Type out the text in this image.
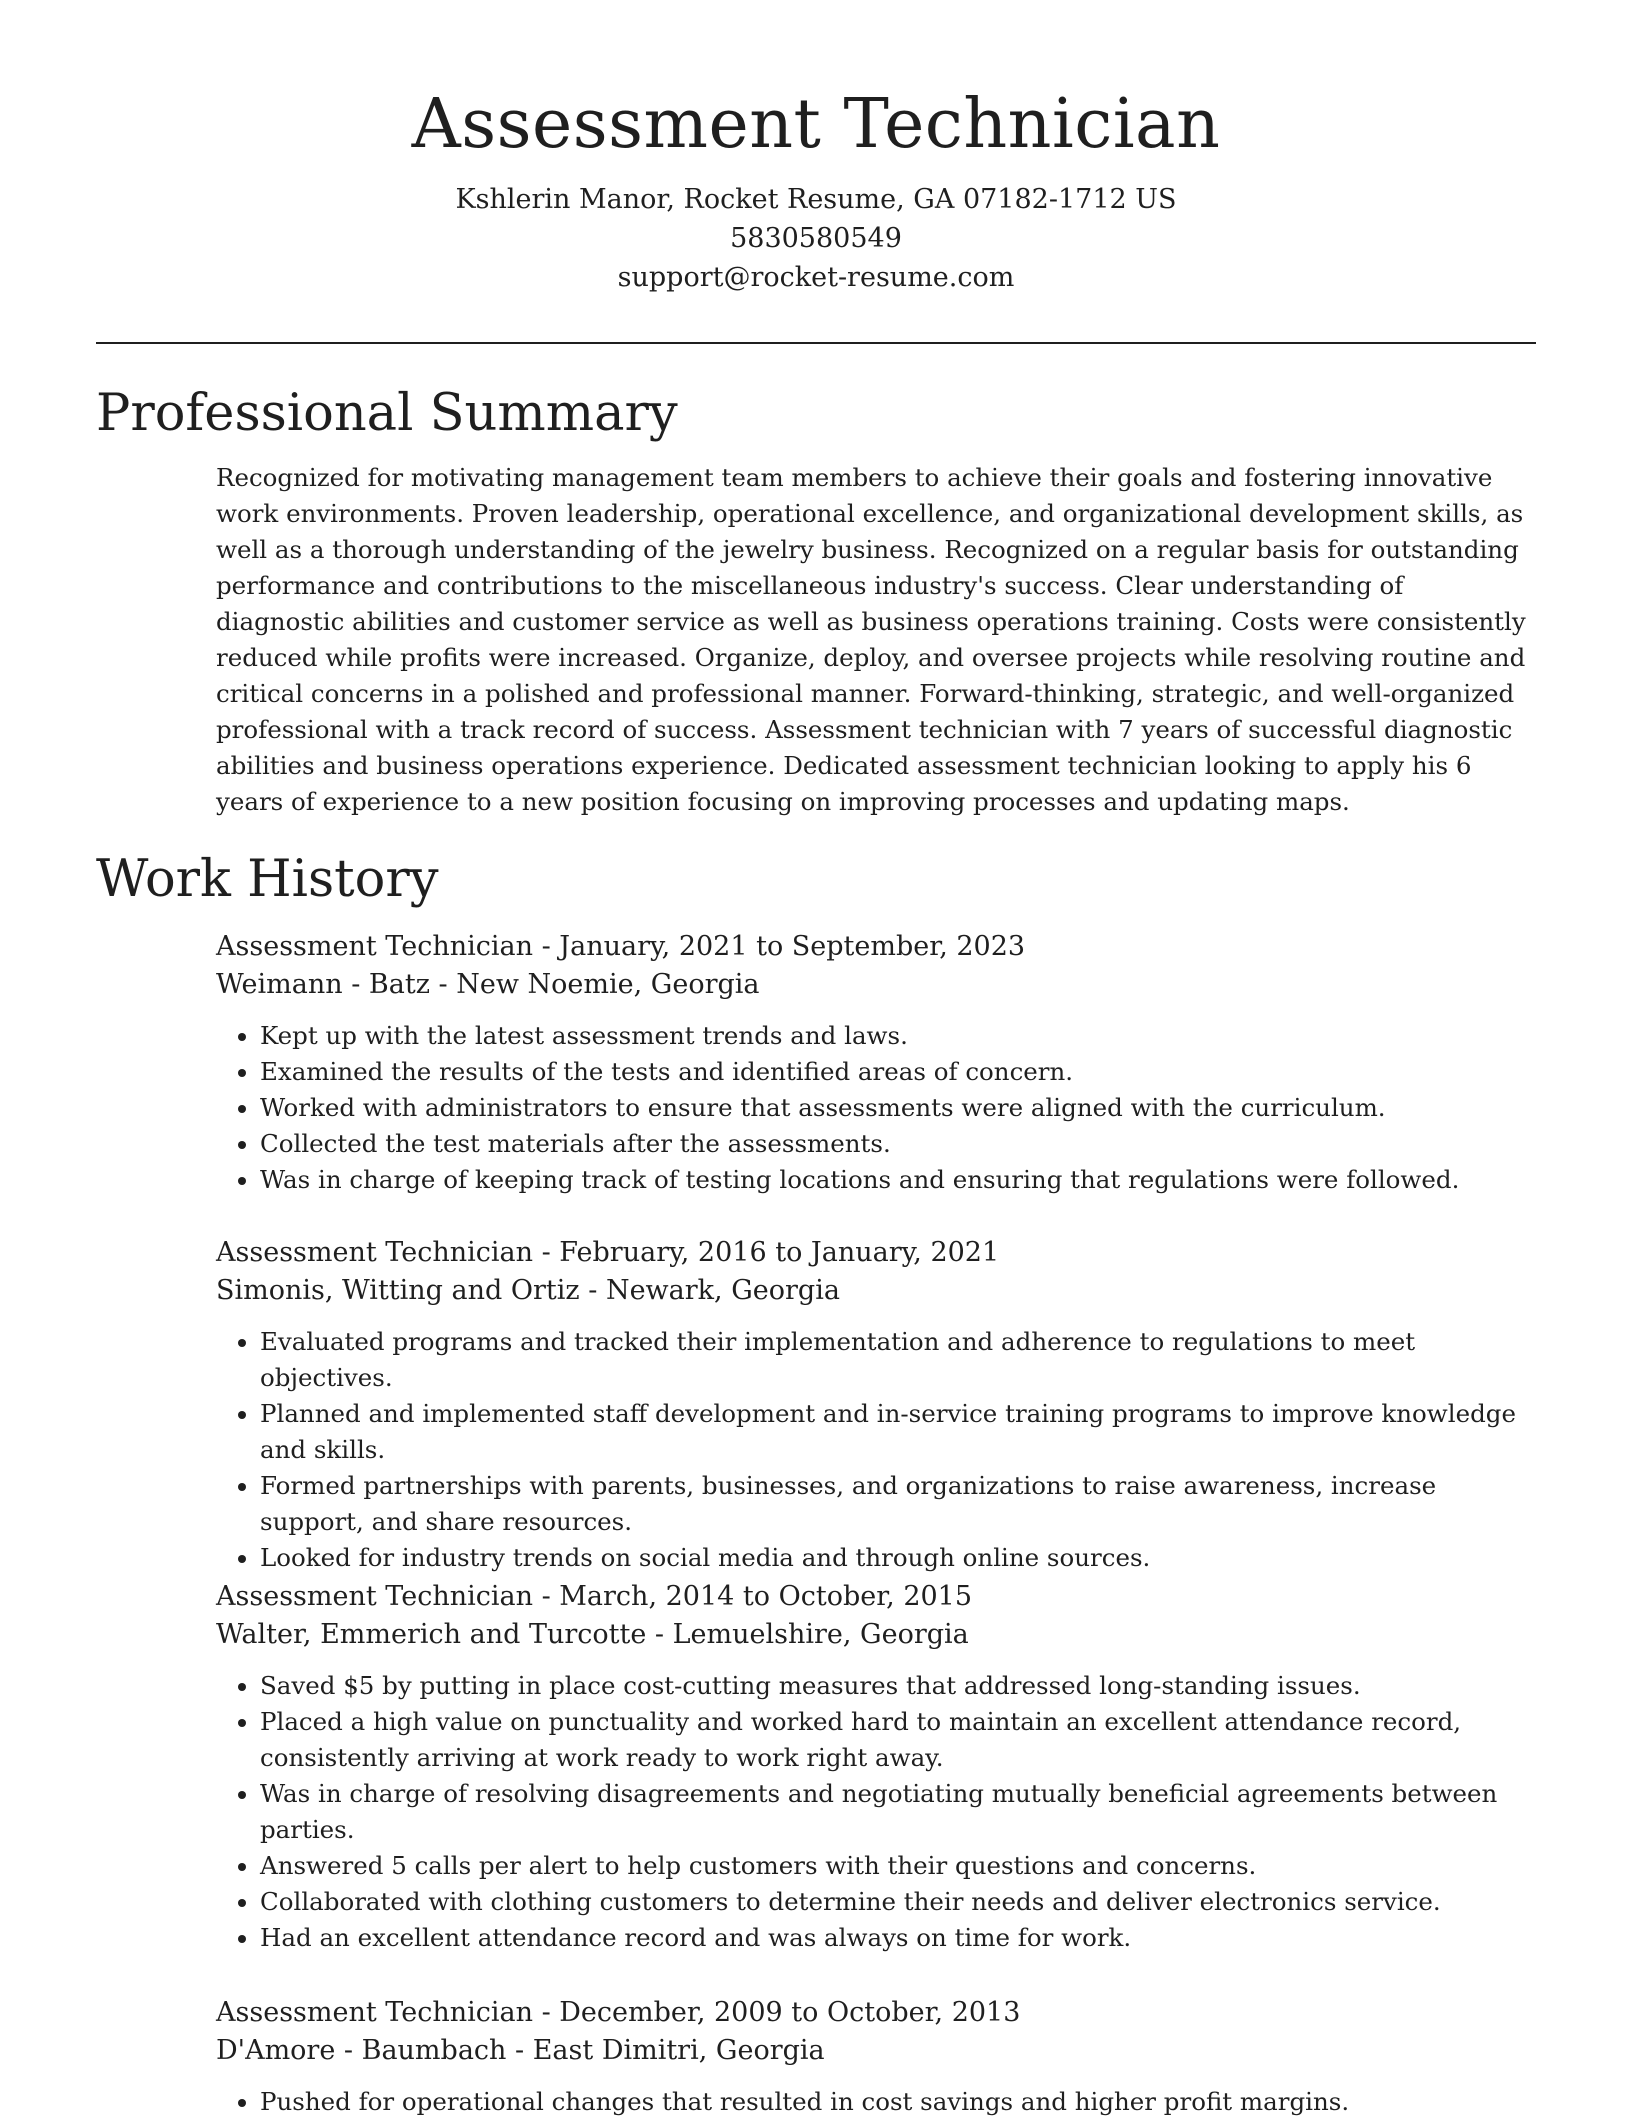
Assessment Technician
Kshlerin Manor, Rocket Resume, GA 07182-1712 US
5830580549
support@rocket-resume.com
Professional Summary

Recognized for motivating management team members to achieve their goals and fostering innovative work environments. Proven leadership, operational excellence, and organizational development skills, as well as a thorough understanding of the jewelry business. Recognized on a regular basis for outstanding performance and contributions to the miscellaneous industry's success. Clear understanding of diagnostic abilities and customer service as well as business operations training. Costs were consistently reduced while profits were increased. Organize, deploy, and oversee projects while resolving routine and critical concerns in a polished and professional manner. Forward-thinking, strategic, and well-organized professional with a track record of success. Assessment technician with 7 years of successful diagnostic abilities and business operations experience. Dedicated assessment technician looking to apply his 6 years of experience to a new position focusing on improving processes and updating maps.

Work History
Assessment Technician - January, 2021 to September, 2023
Weimann - Batz - New Noemie, Georgia
• Kept up with the latest assessment trends and laws.
• Examined the results of the tests and identified areas of concern.
• Worked with administrators to ensure that assessments were aligned with the curriculum.
• Collected the test materials after the assessments.
• Was in charge of keeping track of testing locations and ensuring that regulations were followed.
Assessment Technician - February, 2016 to January, 2021
Simonis, Witting and Ortiz - Newark, Georgia
• Evaluated programs and tracked their implementation and adherence to regulations to meet objectives.
• Planned and implemented staff development and in-service training programs to improve knowledge and skills.
• Formed partnerships with parents, businesses, and organizations to raise awareness, increase support, and share resources.
• Looked for industry trends on social media and through online sources.
Assessment Technician - March, 2014 to October, 2015
Walter, Emmerich and Turcotte - Lemuelshire, Georgia
• Saved $5 by putting in place cost-cutting measures that addressed long-standing issues.
• Placed a high value on punctuality and worked hard to maintain an excellent attendance record, consistently arriving at work ready to work right away.
• Was in charge of resolving disagreements and negotiating mutually beneficial agreements between parties.
• Answered 5 calls per alert to help customers with their questions and concerns.
• Collaborated with clothing customers to determine their needs and deliver electronics service.
• Had an excellent attendance record and was always on time for work.
Assessment Technician - December, 2009 to October, 2013
D'Amore - Baumbach - East Dimitri, Georgia
• Pushed for operational changes that resulted in cost savings and higher profit margins.
